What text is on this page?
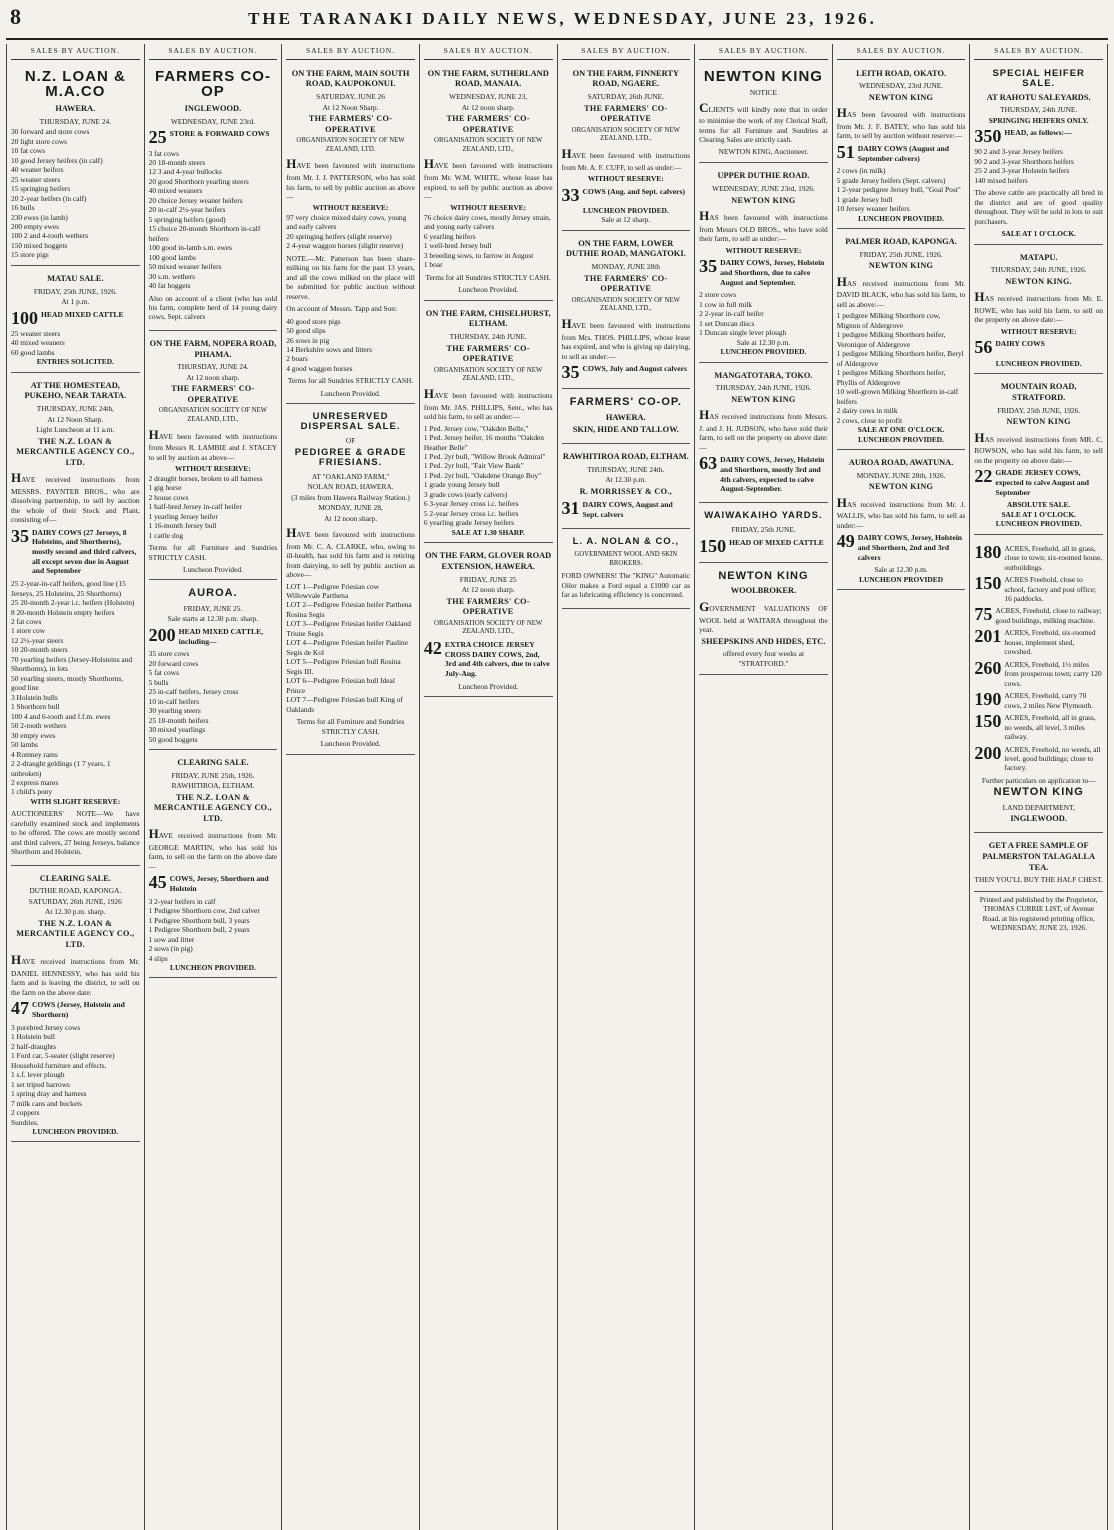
8	THE TARANAKI DAILY NEWS, WEDNESDAY, JUNE 23, 1926.
SALES BY AUCTION.
N.Z. LOAN & M.A.CO
HAWERA.
THURSDAY, JUNE 24.
30 forward and store cows
20 light store cows
10 fat cows
10 good Jersey heifers (in calf)
40 weaner heifers
25 weaner steers
15 springing heifers
20 2-year heifers (in calf)
16 bulls
230 ewes (in lamb)
200 empty ewes
100 2 and 4-tooth wethers
150 mixed hoggets
15 store pigs
MATAU SALE.
FRIDAY, 25th JUNE, 1926.
At 1 p.m.
100 HEAD MIXED CATTLE
25 weaner steers
40 mixed weaners
60 good lambs
ENTRIES SOLICITED.
AT THE HOMESTEAD, PUKEHO, NEAR TARATA.
THURSDAY, JUNE 24th,
At 12 Noon Sharp.
Light Luncheon at 11 a.m.
THE N.Z. LOAN & MERCANTILE AGENCY CO., LTD.
HAVE received instructions from MESSRS. PAYNTER BROS., who are dissolving partnership, to sell by auction the whole of their Stock and Plant, consisting of—
35 DAIRY COWS (27 Jerseys, 8 Holsteins, and Shorthorns), mostly second and third calvers, all except seven due in August and September
25 2-year-in-calf heifers, good line (15 Jerseys, 25 Holsteins, 25 Shorthorns)
25 20-month 2-year i.c. heifers (Holstein)
8 20-month Holstein empty heifers
2 fat cows
1 store cow
12 2½-year steers
10 20-month steers
70 yearling heifers (Jersey-Holsteins and Shorthorns), in lots
50 yearling steers, mostly Shorthorns, good line
3 Holstein bulls
1 Shorthorn bull
100 4 and 6-tooth and f.f.m. ewes
50 2-tooth wethers
30 empty ewes
50 lambs
4 Romney rams
2 2-draught geldings (1 7 years, 1 unbroken)
2 express mares
1 child's pony
WITH SLIGHT RESERVE:
AUCTIONEERS' NOTE—We have carefully examined stock and implements to be offered. The cows are mostly second and third calvers, 27 being Jerseys, balance Shorthorn and Holstein.
CLEARING SALE.
DUTHIE ROAD, KAPONGA.
SATURDAY, 26th JUNE, 1926
At 12.30 p.m. sharp.
THE N.Z. LOAN & MERCANTILE AGENCY CO., LTD.
HAVE received instructions from Mr. DANIEL HENNESSY, who has sold his farm and is leaving the district, to sell on the farm on the above date:
47 COWS (Jersey, Holstein and Shorthorn)
3 purebred Jersey cows
1 Holstein bull
2 half-draughts
1 Ford car, 5-seater (slight reserve)
Household furniture and effects.
1 s.f. lever plough
1 set tripod harrows
1 spring dray and harness
7 milk cans and buckets
2 coppers
Sundries.
LUNCHEON PROVIDED.
SALES BY AUCTION.
FARMERS CO-OP
INGLEWOOD.
WEDNESDAY, JUNE 23rd.
25 STORE & FORWARD COWS
3 fat cows
20 18-month steers
12 3 and 4-year bullocks
20 good Shorthorn yearling steers
40 mixed weaners
20 choice Jersey weaner heifers
20 in-calf 2½-year heifers
5 springing heifers (good)
15 choice 20-month Shorthorn in-calf heifers
100 good in-lamb s.m. ewes
100 good lambs
50 mixed weaner heifers
30 s.m. wethers
40 fat hoggets
Also on account of a client (who has sold his farm, complete herd of 14 young dairy cows, Sept. calvers
ON THE FARM, NOPERA ROAD, PIHAMA.
THURSDAY, JUNE 24.
At 12 noon sharp.
THE FARMERS' CO-OPERATIVE
ORGANISATION SOCIETY OF NEW ZEALAND, LTD.,
HAVE been favoured with instructions from Messrs R. LAMBIE and J. STACEY to sell by auction as above—
WITHOUT RESERVE:
2 draught horses, broken to all harness
1 gig horse
2 house cows
1 half-bred Jersey in-calf heifer
1 yearling Jersey heifer
1 16-month Jersey bull
1 cattle dog
Terms for all Furniture and Sundries STRICTLY CASH.
Luncheon Provided.
AUROA.
FRIDAY, JUNE 25.
Sale starts at 12.30 p.m. sharp.
200 HEAD MIXED CATTLE, including—
35 store cows
20 forward cows
5 fat cows
5 bulls
25 in-calf heifers, Jersey cross
10 in-calf heifers
30 yearling steers
25 18-month heifers
30 mixed yearlings
50 good hoggets
CLEARING SALE.
FRIDAY, JUNE 25th, 1926.
RAWHITIROA, ELTHAM.
THE N.Z. LOAN & MERCANTILE AGENCY CO., LTD.
HAVE received instructions from Mr. GEORGE MARTIN, who has sold his farm, to sell on the farm on the above date—
45 COWS, Jersey, Shorthorn and Holstein
3 2-year heifers in calf
1 Pedigree Shorthorn cow, 2nd calver
1 Pedigree Shorthorn bull, 3 years
1 Pedigree Shorthorn bull, 2 years
1 sow and litter
2 sows (in pig)
4 slips
LUNCHEON PROVIDED.
SALES BY AUCTION.
ON THE FARM, MAIN SOUTH ROAD, KAUPOKONUI.
SATURDAY, JUNE 26
At 12 Noon Sharp.
THE FARMERS' CO-OPERATIVE
ORGANISATION SOCIETY OF NEW ZEALAND, LTD.
HAVE been favoured with instructions from Mr. J. J. PATTERSON, who has sold his farm, to sell by public auction as above—
WITHOUT RESERVE:
97 very choice mixed dairy cows, young and early calvers
20 springing heifers (slight reserve)
2 4-year waggon horses (slight reserve)
NOTE.—Mr. Patterson has been share-milking on his farm for the past 13 years, and all the cows milked on the place will be submitted for public auction without reserve.
On account of Messrs. Tapp and Son:
40 good store pigs
50 good slips
26 sows in pig
14 Berkshire sows and litters
2 boars
4 good waggon horses
Terms for all Sundries STRICTLY CASH.
Luncheon Provided.
UNRESERVED DISPERSAL SALE.
OF
PEDIGREE & GRADE FRIESIANS.
AT "OAKLAND FARM,"
NOLAN ROAD, HAWERA.
(3 miles from Hawera Railway Station.)
MONDAY, JUNE 28,
At 12 noon sharp.
HAVE been favoured with instructions from Mr. C. A. CLARKE, who, owing to ill-health, has sold his farm and is retiring from dairying, to sell by public auction as above—
LOT 1—Pedigree Friesian cow Willowvale Parthena
LOT 2—Pedigree Friesian heifer Parthena Rosina Segis
LOT 3—Pedigree Friesian heifer Oakland Triune Segis
LOT 4—Pedigree Friesian heifer Pauline Segis de Kol
LOT 5—Pedigree Friesian bull Rosina Segis III.
LOT 6—Pedigree Friesian bull Ideal Prince
LOT 7—Pedigree Friesian bull King of Oaklands
Terms for all Furniture and Sundries STRICTLY CASH.
Luncheon Provided.
SALES BY AUCTION.
ON THE FARM, SUTHERLAND ROAD, MANAIA.
WEDNESDAY, JUNE 23,
At 12 noon sharp.
THE FARMERS' CO-OPERATIVE
ORGANISATION SOCIETY OF NEW ZEALAND, LTD.,
HAVE been favoured with instructions from Mr. W.M. WHITE, whose lease has expired, to sell by public auction as above—
WITHOUT RESERVE:
76 choice dairy cows, mostly Jersey strain, and young early calvers
6 yearling heifers
1 well-bred Jersey bull
3 breeding sows, to farrow in August
1 boar
Terms for all Sundries STRICTLY CASH.
Luncheon Provided.
ON THE FARM, CHISELHURST, ELTHAM.
THURSDAY, 24th JUNE.
THE FARMERS' CO-OPERATIVE
ORGANISATION SOCIETY OF NEW ZEALAND, LTD.,
HAVE been favoured with instructions from Mr. JAS. PHILLIPS, Senr., who has sold his farm, to sell as under:—
1 Ped. Jersey cow, "Oakden Belle,"
1 Ped. Jersey heifer, 16 months "Oakden Heather Belle"
1 Ped. 2yr bull, "Willow Brook Admiral"
1 Ped. 2yr bull, "Fair View Bank"
1 Ped. 2yr bull, "Oakdene Orange Boy"
1 grade young Jersey bull
3 grade cows (early calvers)
6 3-year Jersey cross i.c. heifers
5 2-year Jersey cross i.c. heifers
6 yearling grade Jersey heifers
SALE AT 1.30 SHARP.
ON THE FARM, GLOVER ROAD EXTENSION, HAWERA.
FRIDAY, JUNE 25
At 12 noon sharp.
THE FARMERS' CO-OPERATIVE
ORGANISATION SOCIETY OF NEW ZEALAND, LTD.,
42 EXTRA CHOICE JERSEY CROSS DAIRY COWS, 2nd, 3rd and 4th calvers, due to calve July-Aug.
Luncheon Provided.
SALES BY AUCTION.
ON THE FARM, FINNERTY ROAD, NGAERE.
SATURDAY, 26th JUNE.
THE FARMERS' CO-OPERATIVE
ORGANISATION SOCIETY OF NEW ZEALAND, LTD.,
HAVE been favoured with instructions from Mr. A. F. CUFF, to sell as under:—
WITHOUT RESERVE:
33 COWS (Aug. and Sept. calvers)
LUNCHEON PROVIDED.
Sale at 12 sharp.
ON THE FARM, LOWER DUTHIE ROAD, MANGATOKI.
MONDAY, JUNE 28th
THE FARMERS' CO-OPERATIVE
ORGANISATION SOCIETY OF NEW ZEALAND, LTD.,
HAVE been favoured with instructions from Mrs. THOS. PHILLIPS, whose lease has expired, and who is giving up dairying, to sell as under:—
35 COWS, July and August calvers
FARMERS' CO-OP.
HAWERA.
SKIN, HIDE AND TALLOW.
RAWHITIROA ROAD, ELTHAM.
THURSDAY, JUNE 24th.
At 12.30 p.m.
R. MORRISSEY & CO.,
31 DAIRY COWS, August and Sept. calvers
L. A. NOLAN & CO.,
GOVERNMENT WOOL AND SKIN BROKERS.
FORD OWNERS! The "KING" Automatic Oiler makes a Ford equal a £1000 car as far as lubricating efficiency is concerned.
SALES BY AUCTION.
NEWTON KING
NOTICE
CLIENTS will kindly note that in order to minimise the work of my Clerical Staff, terms for all Furniture and Sundries at Clearing Sales are strictly cash.
NEWTON KING, Auctioneer.
UPPER DUTHIE ROAD.
WEDNESDAY, JUNE 23rd, 1926.
NEWTON KING
HAS been favoured with instructions from Messrs OLD BROS., who have sold their farm, to sell as under:—
WITHOUT RESERVE:
35 DAIRY COWS, Jersey, Holstein and Shorthorn, due to calve August and September.
2 store cows
1 cow in full milk
2 2-year in-calf heifer
1 set Duncan discs
1 Duncan single lever plough
Sale at 12.30 p.m.
LUNCHEON PROVIDED.
MANGATOTARA, TOKO.
THURSDAY, 24th JUNE, 1926.
NEWTON KING
HAS received instructions from Messrs. J. and J. H. JUDSON, who have sold their farm, to sell on the property on above date:—
63 DAIRY COWS, Jersey, Holstein and Shorthorn, mostly 3rd and 4th calvers, expected to calve August-September.
WAIWAKAIHO YARDS.
FRIDAY, 25th JUNE.
150 HEAD OF MIXED CATTLE
NEWTON KING
WOOLBROKER.
GOVERNMENT VALUATIONS OF WOOL held at WAITARA throughout the year.
SHEEPSKINS AND HIDES, ETC.
offered every four weeks at "STRATFORD."
SALES BY AUCTION.
LEITH ROAD, OKATO.
WEDNESDAY, 23rd JUNE.
NEWTON KING
HAS been favoured with instructions from Mr. J. F. BATEY, who has sold his farm, to sell by auction without reserve:—
51 DAIRY COWS (August and September calvers)
2 cows (in milk)
5 grade Jersey heifers (Sept. calvers)
1 2-year pedigree Jersey bull, "Goal Post"
1 grade Jersey bull
10 Jersey weaner heifers
LUNCHEON PROVIDED.
PALMER ROAD, KAPONGA.
FRIDAY, 25th JUNE, 1926.
NEWTON KING
HAS received instructions from Mr. DAVID BLACK, who has sold his farm, to sell as above:—
1 pedigree Milking Shorthorn cow, Mignon of Aldergrove
1 pedigree Milking Shorthorn heifer, Veronique of Aldergrove
1 pedigree Milking Shorthorn heifer, Beryl of Aldergrove
1 pedigree Milking Shorthorn heifer, Phyllis of Aldergrove
10 well-grown Milking Shorthorn in-calf heifers
2 dairy cows in milk
2 cows, close to profit
SALE AT ONE O'CLOCK.
LUNCHEON PROVIDED.
AUROA ROAD, AWATUNA.
MONDAY, JUNE 28th, 1926.
NEWTON KING
HAS received instructions from Mr. J. WALLIS, who has sold his farm, to sell as under:—
49 DAIRY COWS, Jersey, Holstein and Shorthorn, 2nd and 3rd calvers
Sale at 12.30 p.m.
LUNCHEON PROVIDED
SALES BY AUCTION.
SPECIAL HEIFER SALE.
AT RAHOTU SALEYARDS.
THURSDAY, 24th JUNE.
SPRINGING HEIFERS ONLY.
350 HEAD, as follows:—
90 2 and 3-year Jersey heifers
90 2 and 3-year Shorthorn heifers
25 2 and 3-year Holstein heifers
140 mixed heifers
The above cattle are practically all bred in the district and are of good quality throughout. They will be sold in lots to suit purchasers.
SALE AT 1 O'CLOCK.
MATAPU.
THURSDAY, 24th JUNE, 1926.
NEWTON KING.
HAS received instructions from Mr. E. ROWE, who has sold his farm, to sell on the property on above date:—
WITHOUT RESERVE:
56 DAIRY COWS
LUNCHEON PROVIDED.
MOUNTAIN ROAD, STRATFORD.
FRIDAY, 25th JUNE, 1926.
NEWTON KING
HAS received instructions from MR. C. ROWSON, who has sold his farm, to sell on the property on above date:—
22 GRADE JERSEY COWS, expected to calve August and September
ABSOLUTE SALE.
SALE AT 1 O'CLOCK.
LUNCHEON PROVIDED.
180 ACRES, Freehold, all in grass, close to town; six-roomed house, outbuildings.
150 ACRES Freehold, close to school, factory and post office; 16 paddocks.
75 ACRES, Freehold, close to railway; good buildings, milking machine.
201 ACRES, Freehold, six-roomed house, implement shed, cowshed.
260 ACRES, Freehold, 1½ miles from prosperous town; carry 120 cows.
190 ACRES, Freehold, carry 70 cows, 2 miles New Plymouth.
150 ACRES, Freehold, all in grass, no weeds, all level, 3 miles railway.
200 ACRES, Freehold, no weeds, all level, good buildings; close to factory.
Further particulars on application to—
NEWTON KING
LAND DEPARTMENT,
INGLEWOOD.
GET A FREE SAMPLE OF PALMERSTON TALAGALLA TEA.
THEN YOU'LL BUY THE HALF CHEST.
Printed and published by the Proprietor, THOMAS CURRIE LIST, of Avenue Road, at his registered printing office, WEDNESDAY, JUNE 23, 1926.
